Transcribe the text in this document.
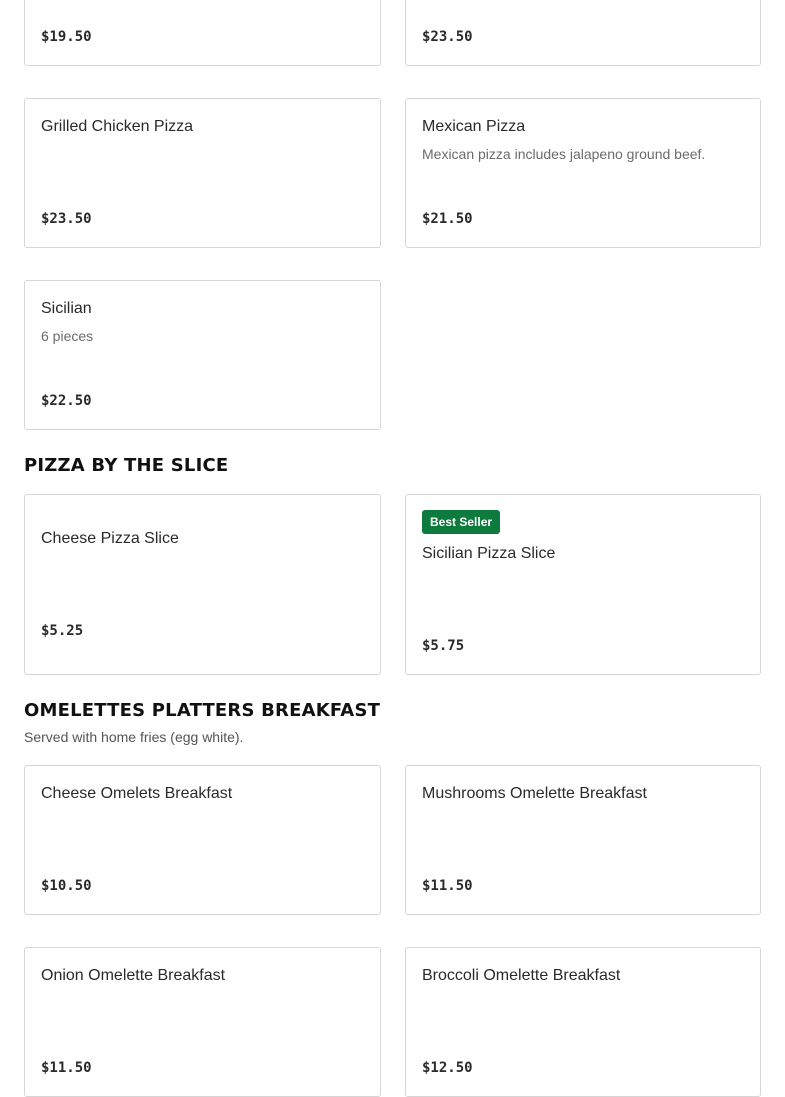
$19.50	$23.50
Grilled Chicken Pizza
$23.50
Mexican Pizza
Mexican pizza includes jalapeno ground beef.
$21.50
Sicilian
6 pieces
$22.50
PIZZA BY THE SLICE
Cheese Pizza Slice
$5.25
Best Seller
Sicilian Pizza Slice
$5.75
OMELETTES PLATTERS BREAKFAST
Served with home fries (egg white).
Cheese Omelets Breakfast
$10.50
Mushrooms Omelette Breakfast
$11.50
Onion Omelette Breakfast
$11.50
Broccoli Omelette Breakfast
$12.50
